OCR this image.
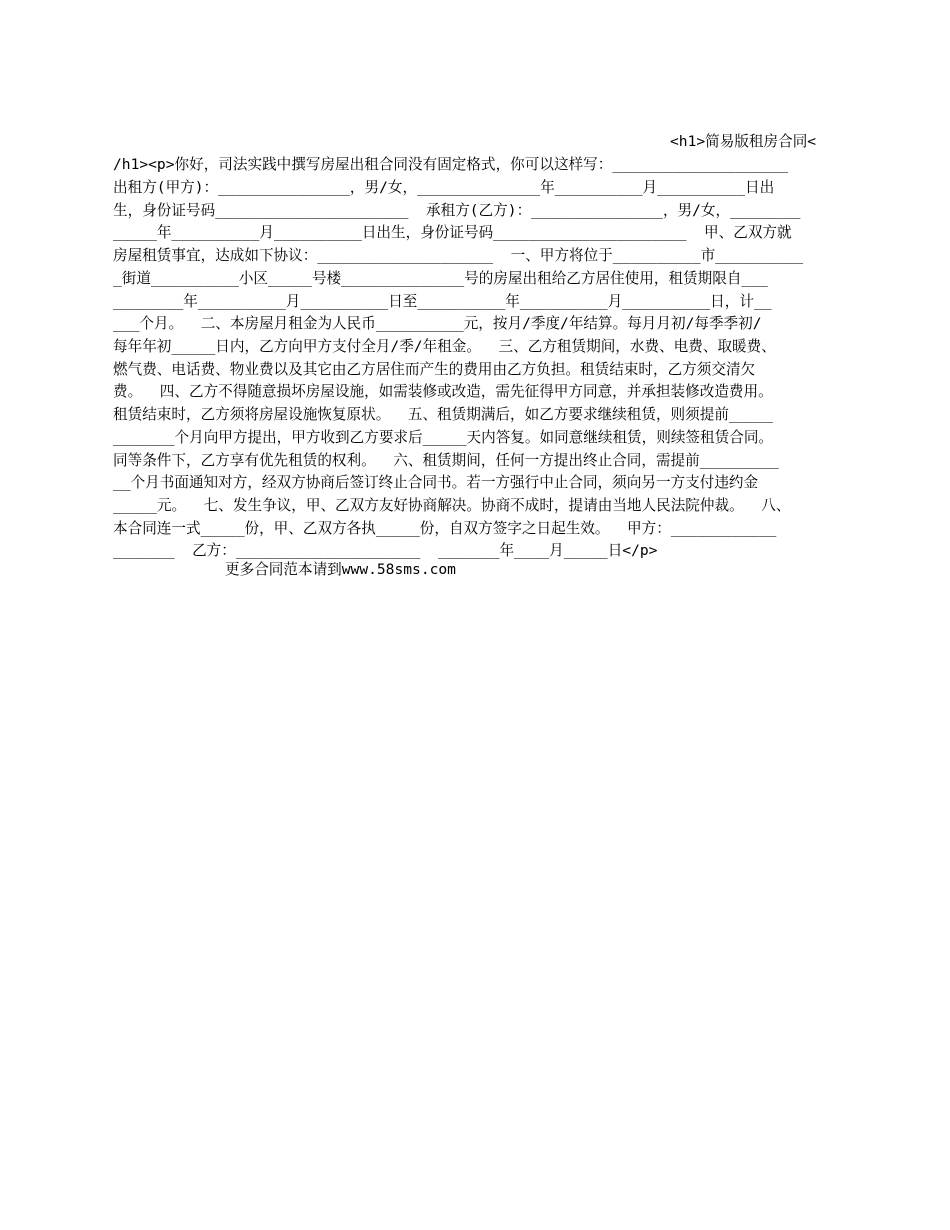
<h1>简易版租房合同<
/h1><p>你好，司法实践中撰写房屋出租合同没有固定格式，你可以这样写：____________________
出租方(甲方)：_______________，男/女，______________年__________月__________日出
生，身份证号码______________________  承租方(乙方)：_______________，男/女，________
_____年__________月__________日出生，身份证号码______________________  甲、乙双方就
房屋租赁事宜，达成如下协议：____________________  一、甲方将位于__________市__________
_街道__________小区_____号楼______________号的房屋出租给乙方居住使用，租赁期限自___
________年__________月__________日至__________年__________月__________日，计__
___个月。  二、本房屋月租金为人民币__________元，按月/季度/年结算。每月月初/每季季初/
每年年初_____日内，乙方向甲方支付全月/季/年租金。  三、乙方租赁期间，水费、电费、取暖费、
燃气费、电话费、物业费以及其它由乙方居住而产生的费用由乙方负担。租赁结束时，乙方须交清欠
费。  四、乙方不得随意损坏房屋设施，如需装修或改造，需先征得甲方同意，并承担装修改造费用。
租赁结束时，乙方须将房屋设施恢复原状。  五、租赁期满后，如乙方要求继续租赁，则须提前_____
_______个月向甲方提出，甲方收到乙方要求后_____天内答复。如同意继续租赁，则续签租赁合同。
同等条件下，乙方享有优先租赁的权利。  六、租赁期间，任何一方提出终止合同，需提前_________
__个月书面通知对方，经双方协商后签订终止合同书。若一方强行中止合同，须向另一方支付违约金
_____元。  七、发生争议，甲、乙双方友好协商解决。协商不成时，提请由当地人民法院仲裁。  八、
本合同连一式_____份，甲、乙双方各执_____份，自双方签字之日起生效。  甲方：____________
_______  乙方：_____________________  _______年____月_____日</p>
更多合同范本请到www.58sms.com
